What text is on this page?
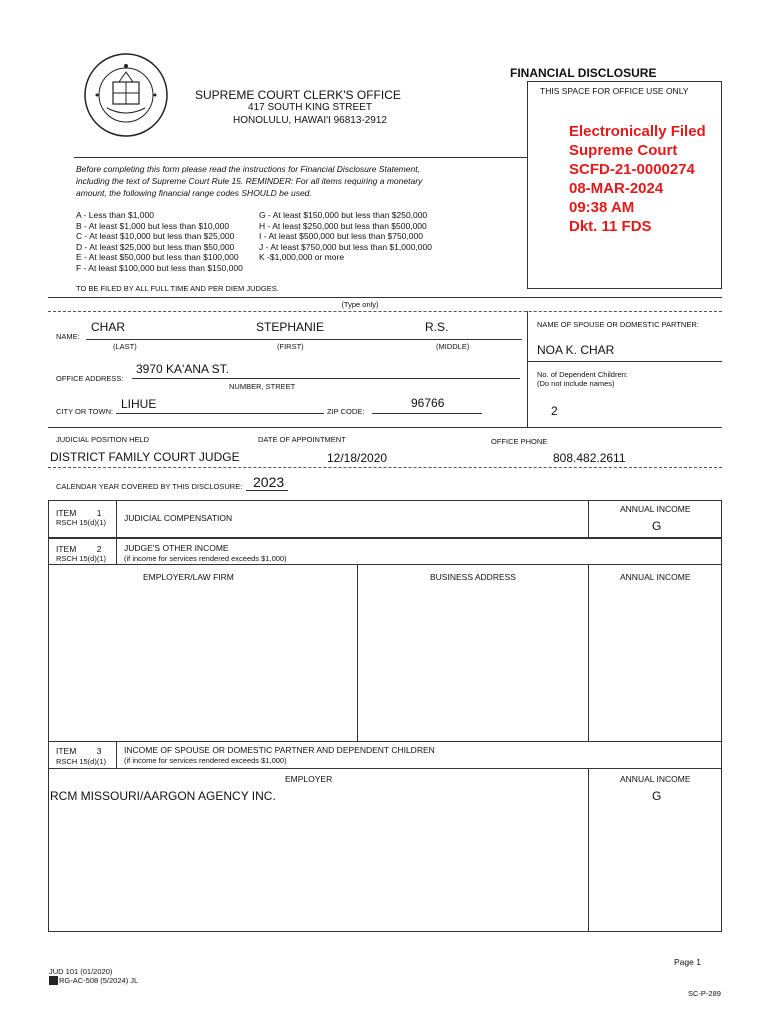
FINANCIAL DISCLOSURE
SUPREME COURT CLERK'S OFFICE
417 SOUTH KING STREET
HONOLULU, HAWAI'I 96813-2912
THIS SPACE FOR OFFICE USE ONLY
Electronically Filed
Supreme Court
SCFD-21-0000274
08-MAR-2024
09:38 AM
Dkt. 11 FDS
Before completing this form please read the instructions for Financial Disclosure Statement,
including the text of Supreme Court Rule 15. REMINDER: For all items requiring a monetary
amount, the following financial range codes SHOULD be used.
A - Less than $1,000
B - At least $1,000 but less than $10,000
C - At least $10,000 but less than $25,000
D - At least $25,000 but less than $50,000
E - At least $50,000 but less than $100,000
F - At least $100,000 but less than $150,000
G - At least $150,000 but less than $250,000
H - At least $250,000 but less than $500,000
I - At least $500,000 but less than $750,000
J - At least $750,000 but less than $1,000,000
K -$1,000,000 or more
TO BE FILED BY ALL FULL TIME AND PER DIEM JUDGES.
(Type only)
NAME:
CHAR	STEPHANIE	R.S.
(LAST)	(FIRST)	(MIDDLE)
NAME OF SPOUSE OR DOMESTIC PARTNER:
NOA K. CHAR
No. of Dependent Children:
(Do not include names)
2
OFFICE ADDRESS:
3970 KA'ANA ST.
NUMBER, STREET
CITY OR TOWN:
LIHUE
ZIP CODE:
96766
JUDICIAL POSITION HELD	DATE OF APPOINTMENT	OFFICE PHONE
DISTRICT FAMILY COURT JUDGE	12/18/2020	808.482.2611
CALENDAR YEAR COVERED BY THIS DISCLOSURE: 2023
ITEM 1
RSCH 15(d)(1) JUDICIAL COMPENSATION
ANNUAL INCOME
G
ITEM 2
RSCH 15(d)(1)
JUDGE'S OTHER INCOME
(if income for services rendered exceeds $1,000)
EMPLOYER/LAW FIRM	BUSINESS ADDRESS	ANNUAL INCOME
ITEM 3
RSCH 15(d)(1)
INCOME OF SPOUSE OR DOMESTIC PARTNER AND DEPENDENT CHILDREN
(if income for services rendered exceeds $1,000)
EMPLOYER	ANNUAL INCOME
RCM MISSOURI/AARGON AGENCY INC.	G
Page 1
JUD 101 (01/2020)
RG-AC-508 (5/2024) JL
SC-P-289
